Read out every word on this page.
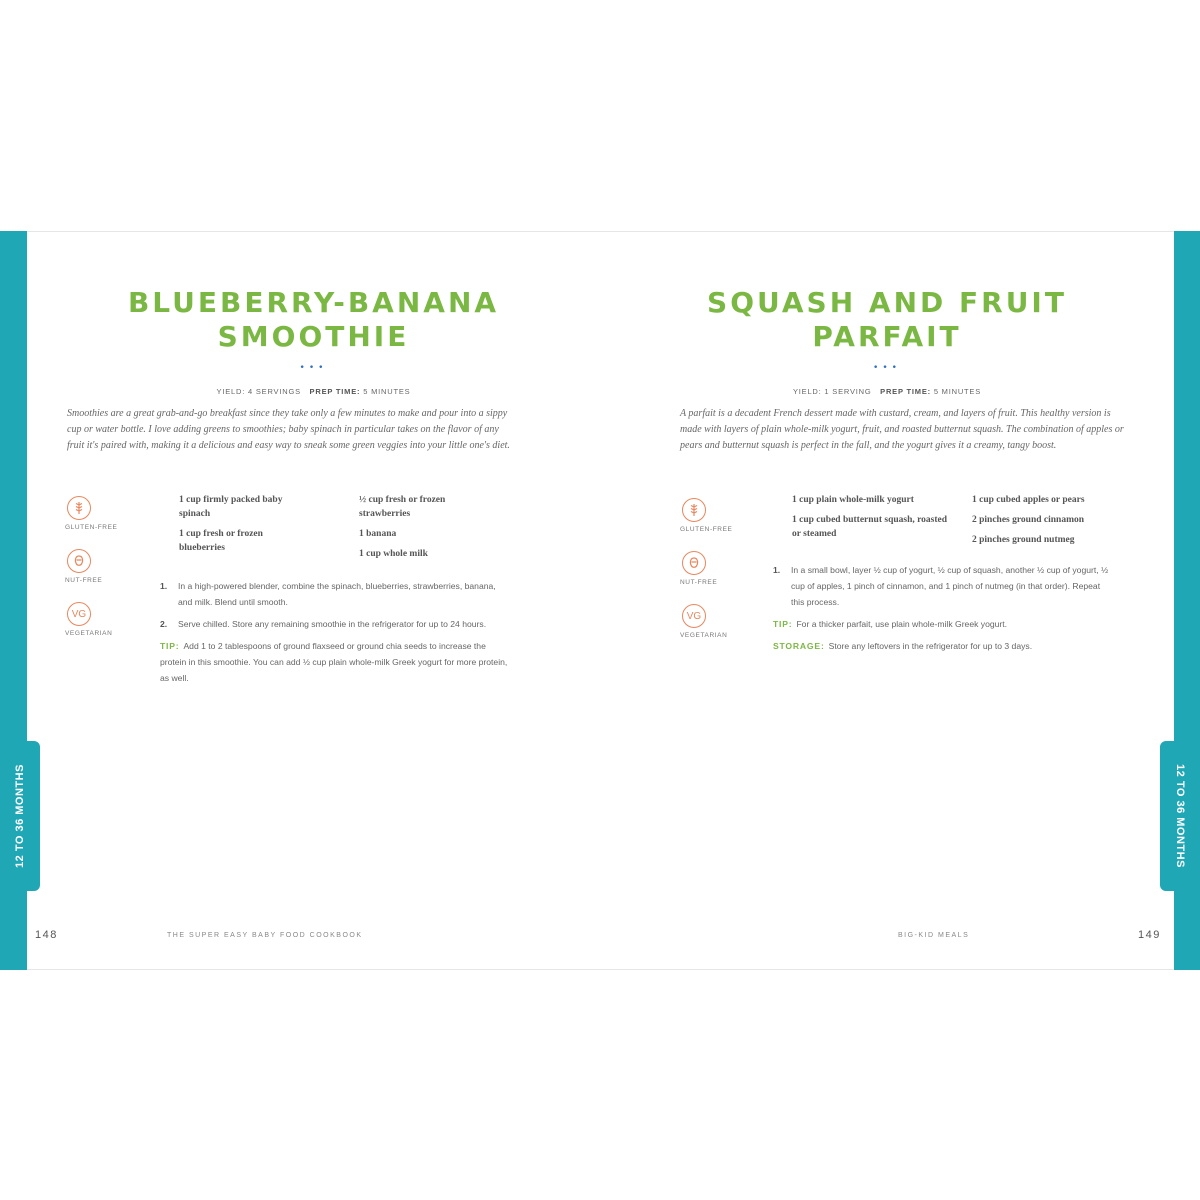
12 TO 36 MONTHS	12 TO 36 MONTHS
BLUEBERRY-BANANA
SMOOTHIE
•••
YIELD: 4 SERVINGS PREP TIME: 5 MINUTES

Smoothies are a great grab-and-go breakfast since they take only a few minutes to make and pour into a sippy cup or water bottle. I love adding greens to smoothies; baby spinach in particular takes on the flavor of any fruit it's paired with, making it a delicious and easy way to sneak some green veggies into your little one's diet.

GLUTEN-FREE
NUT-FREE
VG
VEGETARIAN
1 cup firmly packed baby spinach
1 cup fresh or frozen blueberries
½ cup fresh or frozen strawberries
1 banana
1 cup whole milk
1.	In a high-powered blender, combine the spinach, blueberries, strawberries, banana, and milk. Blend until smooth.
2.	Serve chilled. Store any remaining smoothie in the refrigerator for up to 24 hours.
TIP: Add 1 to 2 tablespoons of ground flaxseed or ground chia seeds to increase the protein in this smoothie. You can add ½ cup plain whole-milk Greek yogurt for more protein, as well.
148	THE SUPER EASY BABY FOOD COOKBOOK
SQUASH AND FRUIT
PARFAIT
•••
YIELD: 1 SERVING PREP TIME: 5 MINUTES

A parfait is a decadent French dessert made with custard, cream, and layers of fruit. This healthy version is made with layers of plain whole-milk yogurt, fruit, and roasted butternut squash. The combination of apples or pears and butternut squash is perfect in the fall, and the yogurt gives it a creamy, tangy boost.

GLUTEN-FREE
NUT-FREE
VG
VEGETARIAN
1 cup plain whole-milk yogurt
1 cup cubed butternut squash, roasted or steamed
1 cup cubed apples or pears
2 pinches ground cinnamon
2 pinches ground nutmeg
1.	In a small bowl, layer ½ cup of yogurt, ½ cup of squash, another ½ cup of yogurt, ½ cup of apples, 1 pinch of cinnamon, and 1 pinch of nutmeg (in that order). Repeat this process.
TIP: For a thicker parfait, use plain whole-milk Greek yogurt.
STORAGE: Store any leftovers in the refrigerator for up to 3 days.
BIG-KID MEALS	149
